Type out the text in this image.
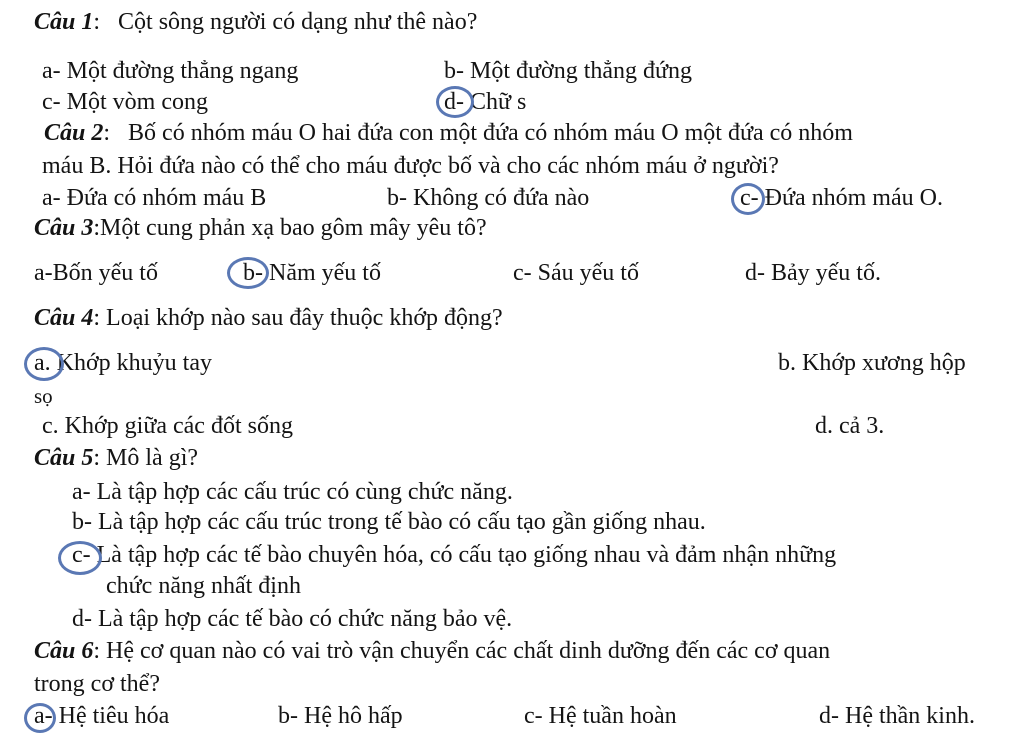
Câu 1:   Cột sông người có dạng như thê nào?
a- Một đường thẳng ngang	b- Một đường thẳng đứng
c- Một vòm cong	d- Chữ s
Câu 2:   Bố có nhóm máu O hai đứa con một đứa có nhóm máu O một đứa có nhóm
máu B. Hỏi đứa nào có thể cho máu được bố và cho các nhóm máu ở người?
a- Đứa có nhóm máu B	b- Không có đứa nào	c- Đứa nhóm máu O.
Câu 3:Một cung phản xạ bao gôm mây yêu tô?
a-Bốn yếu tố	b- Năm yếu tố	c- Sáu yếu tố	d- Bảy yếu tố.
Câu 4: Loại khớp nào sau đây thuộc khớp động?
a. Khớp khuỷu tay	b. Khớp xương hộp
sọ
c. Khớp giữa các đốt sống	d. cả 3.
Câu 5: Mô là gì?
a- Là tập hợp các cấu trúc có cùng chức năng.
b- Là tập hợp các cấu trúc trong tế bào có cấu tạo gần giống nhau.
c- Là tập hợp các tế bào chuyên hóa, có cấu tạo giống nhau và đảm nhận những
chức năng nhất định
d- Là tập hợp các tế bào có chức năng bảo vệ.
Câu 6: Hệ cơ quan nào có vai trò vận chuyển các chất dinh dưỡng đến các cơ quan
trong cơ thể?
a- Hệ tiêu hóa	b- Hệ hô hấp	c- Hệ tuần hoàn	d- Hệ thần kinh.
